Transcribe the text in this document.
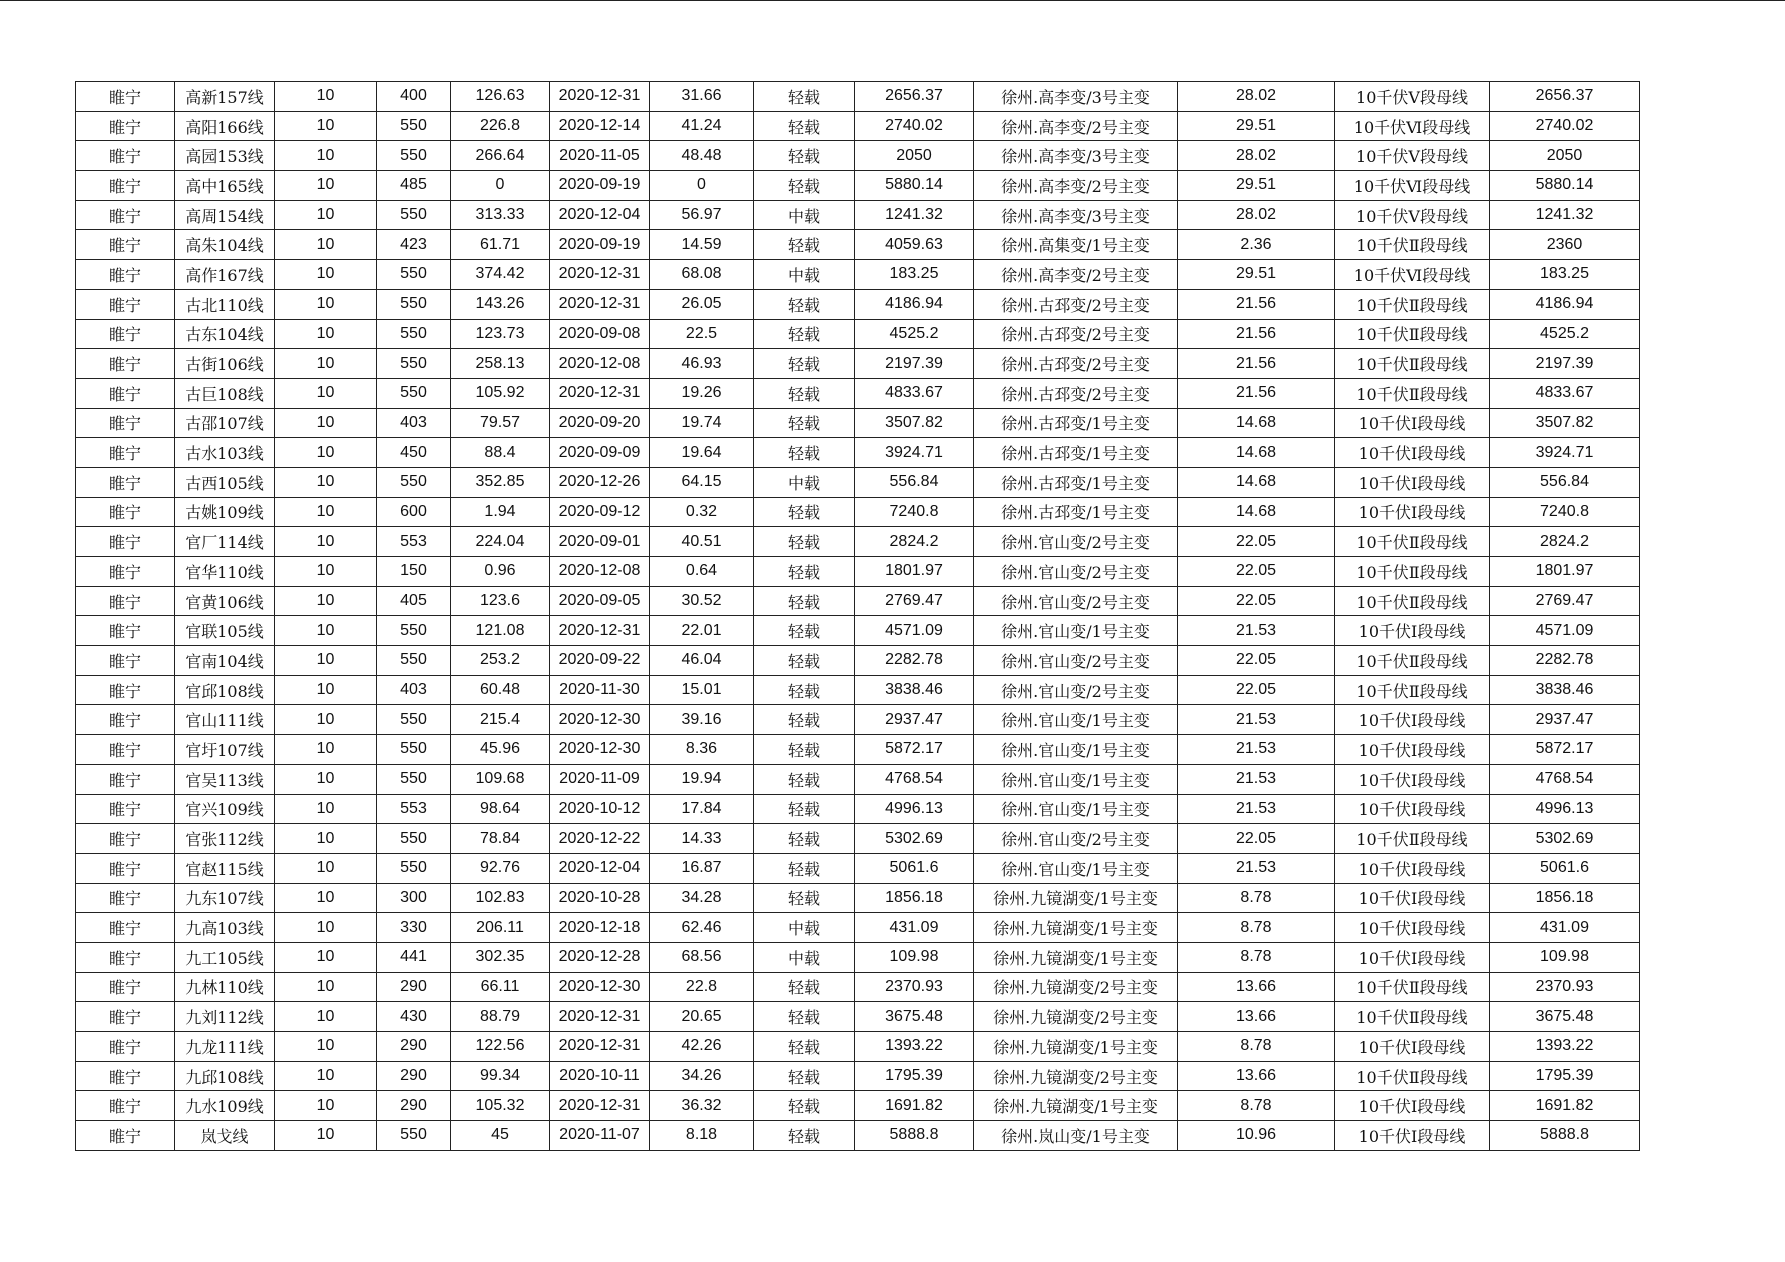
睢宁	高新157线	10	400	126.63	2020-12-31	31.66	轻载	2656.37	徐州.高李变/3号主变	28.02	10千伏Ⅴ段母线	2656.37
睢宁	高阳166线	10	550	226.8	2020-12-14	41.24	轻载	2740.02	徐州.高李变/2号主变	29.51	10千伏Ⅵ段母线	2740.02
睢宁	高园153线	10	550	266.64	2020-11-05	48.48	轻载	2050	徐州.高李变/3号主变	28.02	10千伏Ⅴ段母线	2050
睢宁	高中165线	10	485	0	2020-09-19	0	轻载	5880.14	徐州.高李变/2号主变	29.51	10千伏Ⅵ段母线	5880.14
睢宁	高周154线	10	550	313.33	2020-12-04	56.97	中载	1241.32	徐州.高李变/3号主变	28.02	10千伏Ⅴ段母线	1241.32
睢宁	高朱104线	10	423	61.71	2020-09-19	14.59	轻载	4059.63	徐州.高集变/1号主变	2.36	10千伏Ⅱ段母线	2360
睢宁	高作167线	10	550	374.42	2020-12-31	68.08	中载	183.25	徐州.高李变/2号主变	29.51	10千伏Ⅵ段母线	183.25
睢宁	古北110线	10	550	143.26	2020-12-31	26.05	轻载	4186.94	徐州.古邳变/2号主变	21.56	10千伏Ⅱ段母线	4186.94
睢宁	古东104线	10	550	123.73	2020-09-08	22.5	轻载	4525.2	徐州.古邳变/2号主变	21.56	10千伏Ⅱ段母线	4525.2
睢宁	古街106线	10	550	258.13	2020-12-08	46.93	轻载	2197.39	徐州.古邳变/2号主变	21.56	10千伏Ⅱ段母线	2197.39
睢宁	古巨108线	10	550	105.92	2020-12-31	19.26	轻载	4833.67	徐州.古邳变/2号主变	21.56	10千伏Ⅱ段母线	4833.67
睢宁	古邵107线	10	403	79.57	2020-09-20	19.74	轻载	3507.82	徐州.古邳变/1号主变	14.68	10千伏Ⅰ段母线	3507.82
睢宁	古水103线	10	450	88.4	2020-09-09	19.64	轻载	3924.71	徐州.古邳变/1号主变	14.68	10千伏Ⅰ段母线	3924.71
睢宁	古西105线	10	550	352.85	2020-12-26	64.15	中载	556.84	徐州.古邳变/1号主变	14.68	10千伏Ⅰ段母线	556.84
睢宁	古姚109线	10	600	1.94	2020-09-12	0.32	轻载	7240.8	徐州.古邳变/1号主变	14.68	10千伏Ⅰ段母线	7240.8
睢宁	官厂114线	10	553	224.04	2020-09-01	40.51	轻载	2824.2	徐州.官山变/2号主变	22.05	10千伏Ⅱ段母线	2824.2
睢宁	官华110线	10	150	0.96	2020-12-08	0.64	轻载	1801.97	徐州.官山变/2号主变	22.05	10千伏Ⅱ段母线	1801.97
睢宁	官黄106线	10	405	123.6	2020-09-05	30.52	轻载	2769.47	徐州.官山变/2号主变	22.05	10千伏Ⅱ段母线	2769.47
睢宁	官联105线	10	550	121.08	2020-12-31	22.01	轻载	4571.09	徐州.官山变/1号主变	21.53	10千伏Ⅰ段母线	4571.09
睢宁	官南104线	10	550	253.2	2020-09-22	46.04	轻载	2282.78	徐州.官山变/2号主变	22.05	10千伏Ⅱ段母线	2282.78
睢宁	官邱108线	10	403	60.48	2020-11-30	15.01	轻载	3838.46	徐州.官山变/2号主变	22.05	10千伏Ⅱ段母线	3838.46
睢宁	官山111线	10	550	215.4	2020-12-30	39.16	轻载	2937.47	徐州.官山变/1号主变	21.53	10千伏Ⅰ段母线	2937.47
睢宁	官圩107线	10	550	45.96	2020-12-30	8.36	轻载	5872.17	徐州.官山变/1号主变	21.53	10千伏Ⅰ段母线	5872.17
睢宁	官吴113线	10	550	109.68	2020-11-09	19.94	轻载	4768.54	徐州.官山变/1号主变	21.53	10千伏Ⅰ段母线	4768.54
睢宁	官兴109线	10	553	98.64	2020-10-12	17.84	轻载	4996.13	徐州.官山变/1号主变	21.53	10千伏Ⅰ段母线	4996.13
睢宁	官张112线	10	550	78.84	2020-12-22	14.33	轻载	5302.69	徐州.官山变/2号主变	22.05	10千伏Ⅱ段母线	5302.69
睢宁	官赵115线	10	550	92.76	2020-12-04	16.87	轻载	5061.6	徐州.官山变/1号主变	21.53	10千伏Ⅰ段母线	5061.6
睢宁	九东107线	10	300	102.83	2020-10-28	34.28	轻载	1856.18	徐州.九镜湖变/1号主变	8.78	10千伏Ⅰ段母线	1856.18
睢宁	九高103线	10	330	206.11	2020-12-18	62.46	中载	431.09	徐州.九镜湖变/1号主变	8.78	10千伏Ⅰ段母线	431.09
睢宁	九工105线	10	441	302.35	2020-12-28	68.56	中载	109.98	徐州.九镜湖变/1号主变	8.78	10千伏Ⅰ段母线	109.98
睢宁	九林110线	10	290	66.11	2020-12-30	22.8	轻载	2370.93	徐州.九镜湖变/2号主变	13.66	10千伏Ⅱ段母线	2370.93
睢宁	九刘112线	10	430	88.79	2020-12-31	20.65	轻载	3675.48	徐州.九镜湖变/2号主变	13.66	10千伏Ⅱ段母线	3675.48
睢宁	九龙111线	10	290	122.56	2020-12-31	42.26	轻载	1393.22	徐州.九镜湖变/1号主变	8.78	10千伏Ⅰ段母线	1393.22
睢宁	九邱108线	10	290	99.34	2020-10-11	34.26	轻载	1795.39	徐州.九镜湖变/2号主变	13.66	10千伏Ⅱ段母线	1795.39
睢宁	九水109线	10	290	105.32	2020-12-31	36.32	轻载	1691.82	徐州.九镜湖变/1号主变	8.78	10千伏Ⅰ段母线	1691.82
睢宁	岚戈线	10	550	45	2020-11-07	8.18	轻载	5888.8	徐州.岚山变/1号主变	10.96	10千伏Ⅰ段母线	5888.8
